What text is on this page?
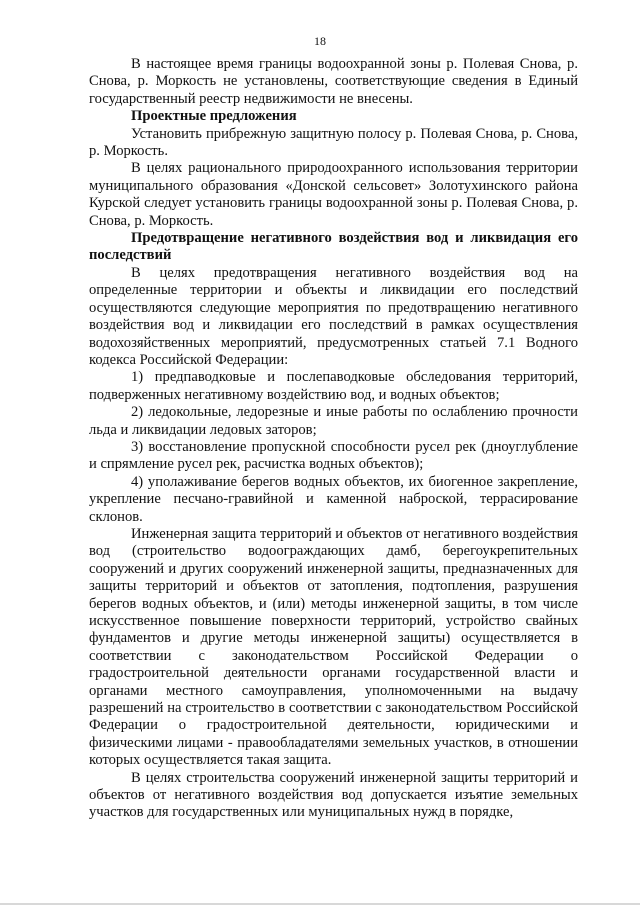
18

В настоящее время границы водоохранной зоны р. Полевая Снова, р. Снова, р. Моркость не установлены, соответствующие сведения в Единый государственный реестр недвижимости не внесены.

Проектные предложения

Установить прибрежную защитную полосу р. Полевая Снова, р. Снова, р. Моркость.

В целях рационального природоохранного использования территории муниципального образования «Донской сельсовет» Золотухинского района Курской следует установить границы водоохранной зоны р. Полевая Снова, р. Снова, р. Моркость.

Предотвращение негативного воздействия вод и ликвидация его последствий

В целях предотвращения негативного воздействия вод на определенные территории и объекты и ликвидации его последствий осуществляются следующие мероприятия по предотвращению негативного воздействия вод и ликвидации его последствий в рамках осуществления водохозяйственных мероприятий, предусмотренных статьей 7.1 Водного кодекса Российской Федерации:

1) предпаводковые и послепаводковые обследования территорий, подверженных негативному воздействию вод, и водных объектов;

2) ледокольные, ледорезные и иные работы по ослаблению прочности льда и ликвидации ледовых заторов;

3) восстановление пропускной способности русел рек (дноуглубление и спрямление русел рек, расчистка водных объектов);

4) уполаживание берегов водных объектов, их биогенное закрепление, укрепление песчано-гравийной и каменной наброской, террасирование склонов.

Инженерная защита территорий и объектов от негативного воздействия вод (строительство водоограждающих дамб, берегоукрепительных сооружений и других сооружений инженерной защиты, предназначенных для защиты территорий и объектов от затопления, подтопления, разрушения берегов водных объектов, и (или) методы инженерной защиты, в том числе искусственное повышение поверхности территорий, устройство свайных фундаментов и другие методы инженерной защиты) осуществляется в соответствии с законодательством Российской Федерации о градостроительной деятельности органами государственной власти и органами местного самоуправления, уполномоченными на выдачу разрешений на строительство в соответствии с законодательством Российской Федерации о градостроительной деятельности, юридическими и физическими лицами - правообладателями земельных участков, в отношении которых осуществляется такая защита.

В целях строительства сооружений инженерной защиты территорий и объектов от негативного воздействия вод допускается изъятие земельных участков для государственных или муниципальных нужд в порядке,
